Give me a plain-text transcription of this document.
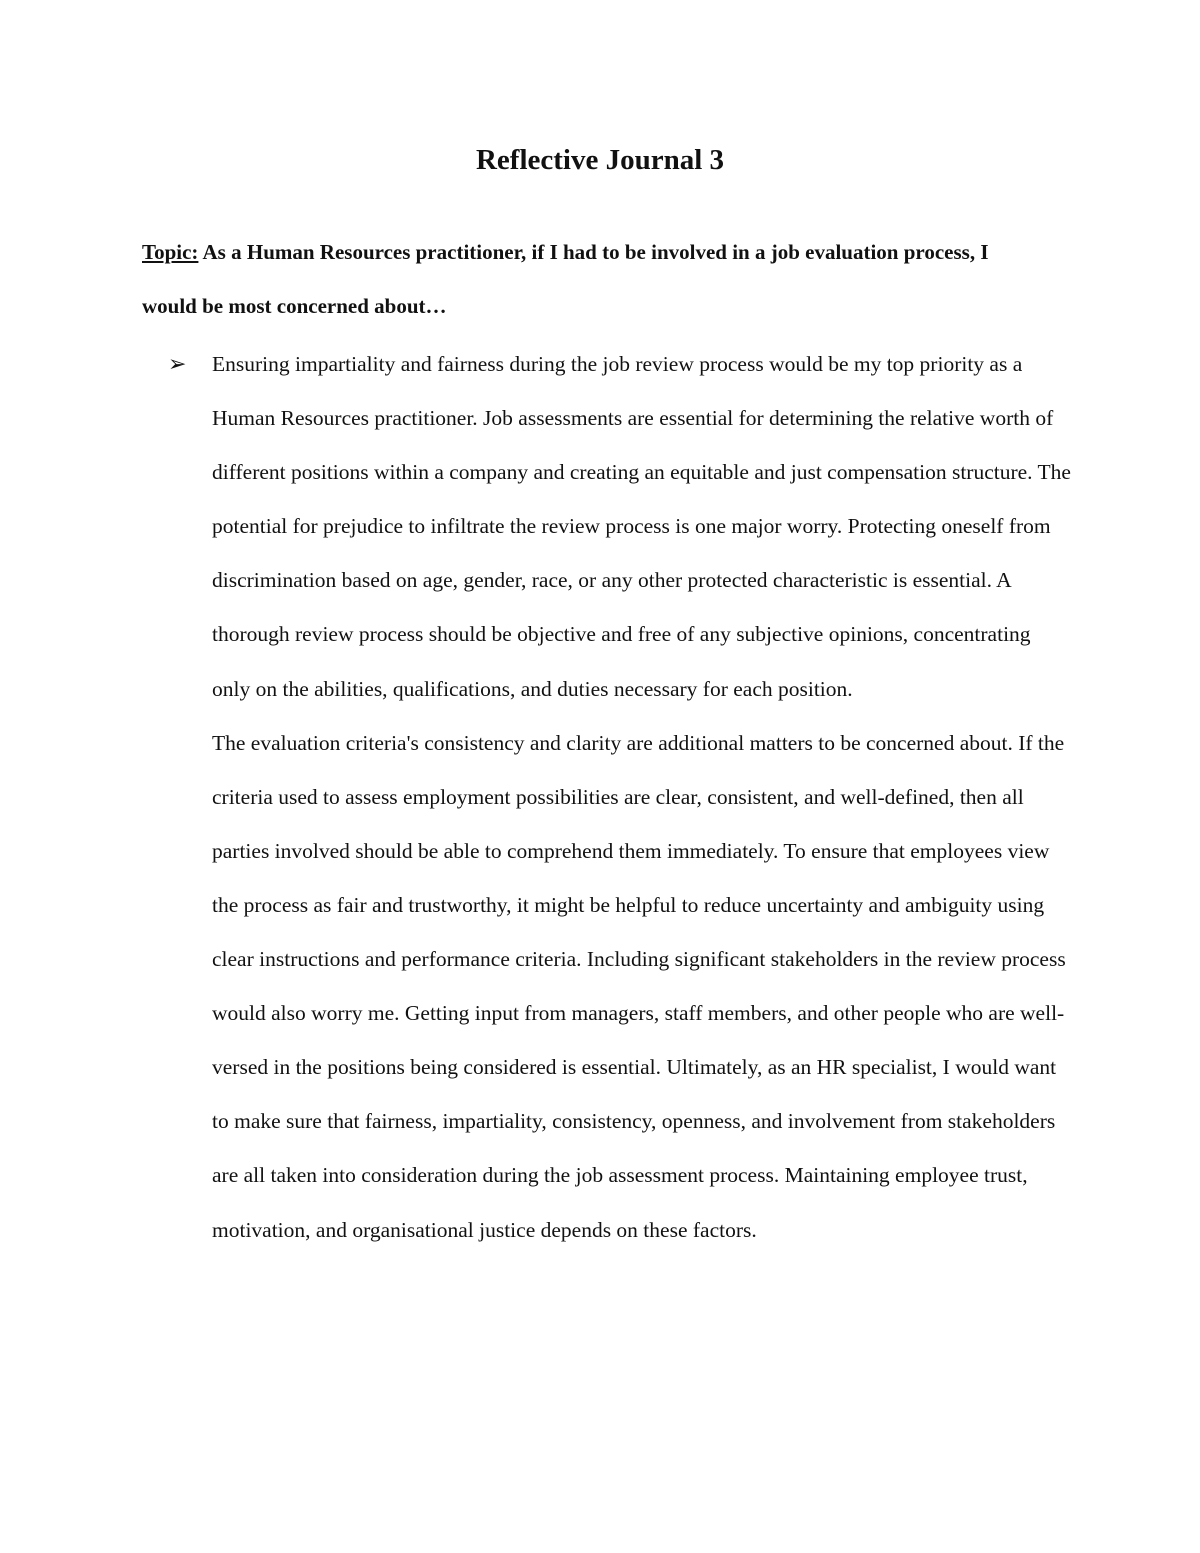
Reflective Journal 3
Topic: As a Human Resources practitioner, if I had to be involved in a job evaluation process, I would be most concerned about…
➢ Ensuring impartiality and fairness during the job review process would be my top priority as a Human Resources practitioner. Job assessments are essential for determining the relative worth of different positions within a company and creating an equitable and just compensation structure. The potential for prejudice to infiltrate the review process is one major worry. Protecting oneself from discrimination based on age, gender, race, or any other protected characteristic is essential. A thorough review process should be objective and free of any subjective opinions, concentrating only on the abilities, qualifications, and duties necessary for each position.

The evaluation criteria's consistency and clarity are additional matters to be concerned about. If the criteria used to assess employment possibilities are clear, consistent, and well-defined, then all parties involved should be able to comprehend them immediately. To ensure that employees view the process as fair and trustworthy, it might be helpful to reduce uncertainty and ambiguity using clear instructions and performance criteria. Including significant stakeholders in the review process would also worry me. Getting input from managers, staff members, and other people who are well-versed in the positions being considered is essential. Ultimately, as an HR specialist, I would want to make sure that fairness, impartiality, consistency, openness, and involvement from stakeholders are all taken into consideration during the job assessment process. Maintaining employee trust, motivation, and organisational justice depends on these factors.
